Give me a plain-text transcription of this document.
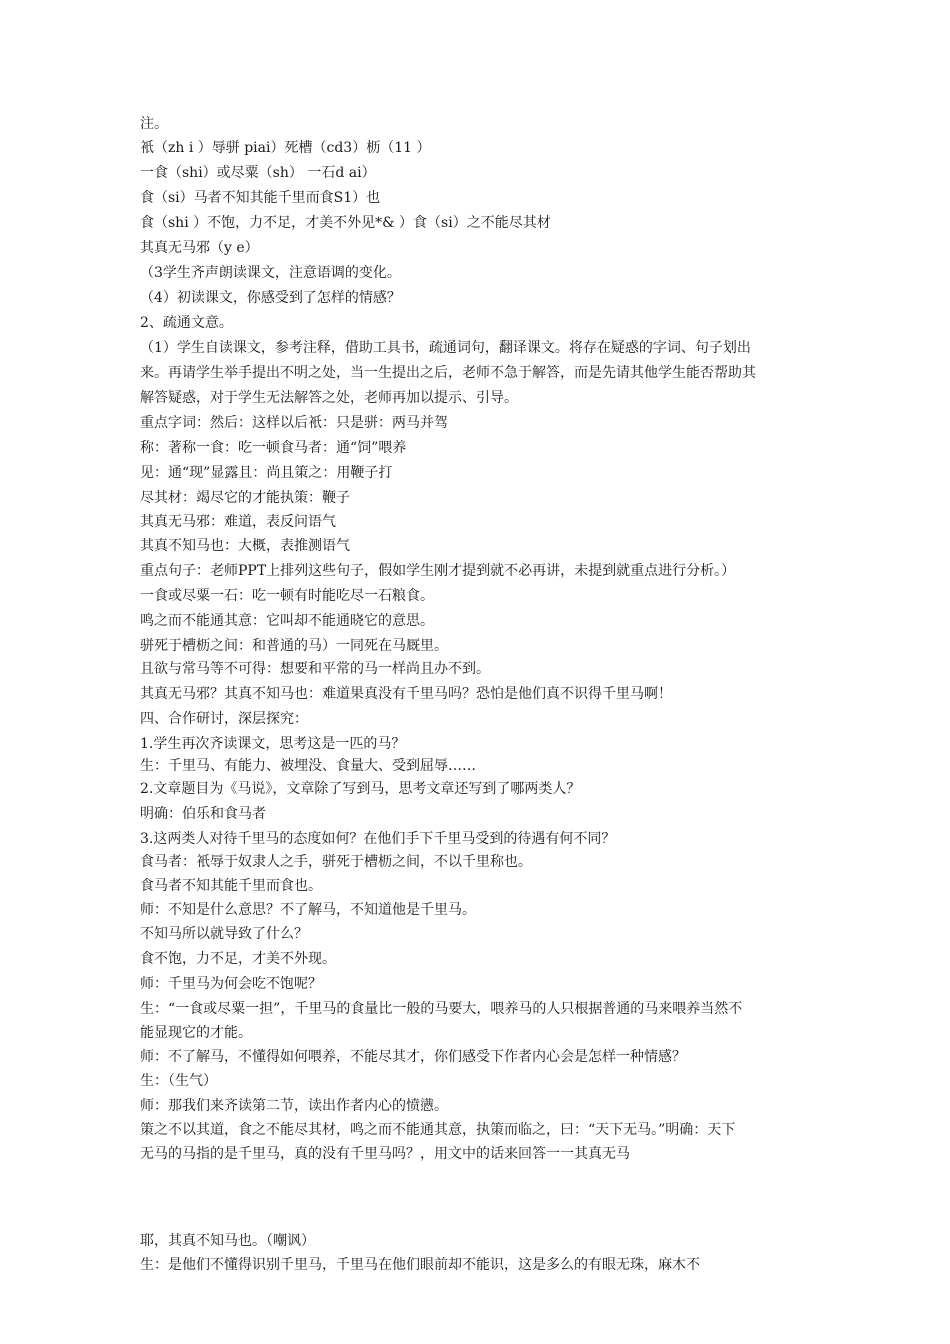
注。
衹（zh i ）辱骈 piai）死槽（cd3）枥（11 ）
一食（shi）或尽粟（sh） 一石d ai）
食（si）马者不知其能千里而食S1）也
食（shi ）不饱，力不足，才美不外见*& ）食（si）之不能尽其材
其真无马邪（y e）
（3学生齐声朗读课文，注意语调的变化。
（4）初读课文，你感受到了怎样的情感？
2、疏通文意。
（1）学生自读课文，参考注释，借助工具书，疏通词句，翻译课文。将存在疑惑的字词、句子划出
来。再请学生举手提出不明之处，当一生提出之后，老师不急于解答，而是先请其他学生能否帮助其
解答疑惑，对于学生无法解答之处，老师再加以提示、引导。
重点字词：然后：这样以后衹：只是骈：两马并驾
称：著称一食：吃一顿食马者：通“饲”喂养
见：通“现”显露且：尚且策之：用鞭子打
尽其材：竭尽它的才能执策：鞭子
其真无马邪：难道，表反问语气
其真不知马也：大概，表推测语气
重点句子：老师PPT上排列这些句子，假如学生刚才提到就不必再讲，未提到就重点进行分析。）
一食或尽粟一石：吃一顿有时能吃尽一石粮食。
鸣之而不能通其意：它叫却不能通晓它的意思。
骈死于槽枥之间：和普通的马）一同死在马厩里。
且欲与常马等不可得：想要和平常的马一样尚且办不到。
其真无马邪？其真不知马也：难道果真没有千里马吗？恐怕是他们真不识得千里马啊！
四、合作研讨，深层探究：
1.学生再次齐读课文，思考这是一匹的马？
生：千里马、有能力、被埋没、食量大、受到屈辱……
2.文章题目为《马说》，文章除了写到马，思考文章还写到了哪两类人？
明确：伯乐和食马者
3.这两类人对待千里马的态度如何？在他们手下千里马受到的待遇有何不同？
食马者：衹辱于奴隶人之手，骈死于槽枥之间，不以千里称也。
食马者不知其能千里而食也。
师：不知是什么意思？不了解马，不知道他是千里马。
不知马所以就导致了什么？
食不饱，力不足，才美不外现。
师：千里马为何会吃不饱呢？
生：“一食或尽粟一担”，千里马的食量比一般的马要大，喂养马的人只根据普通的马来喂养当然不
能显现它的才能。
师：不了解马，不懂得如何喂养，不能尽其才，你们感受下作者内心会是怎样一种情感？
生：（生气）
师：那我们来齐读第二节，读出作者内心的愤懑。
策之不以其道，食之不能尽其材，鸣之而不能通其意，执策而临之，曰：“天下无马。”明确：天下
无马的马指的是千里马，真的没有千里马吗？，用文中的话来回答一一其真无马
耶，其真不知马也。（嘲讽）
生：是他们不懂得识别千里马，千里马在他们眼前却不能识，这是多么的有眼无珠，麻木不
